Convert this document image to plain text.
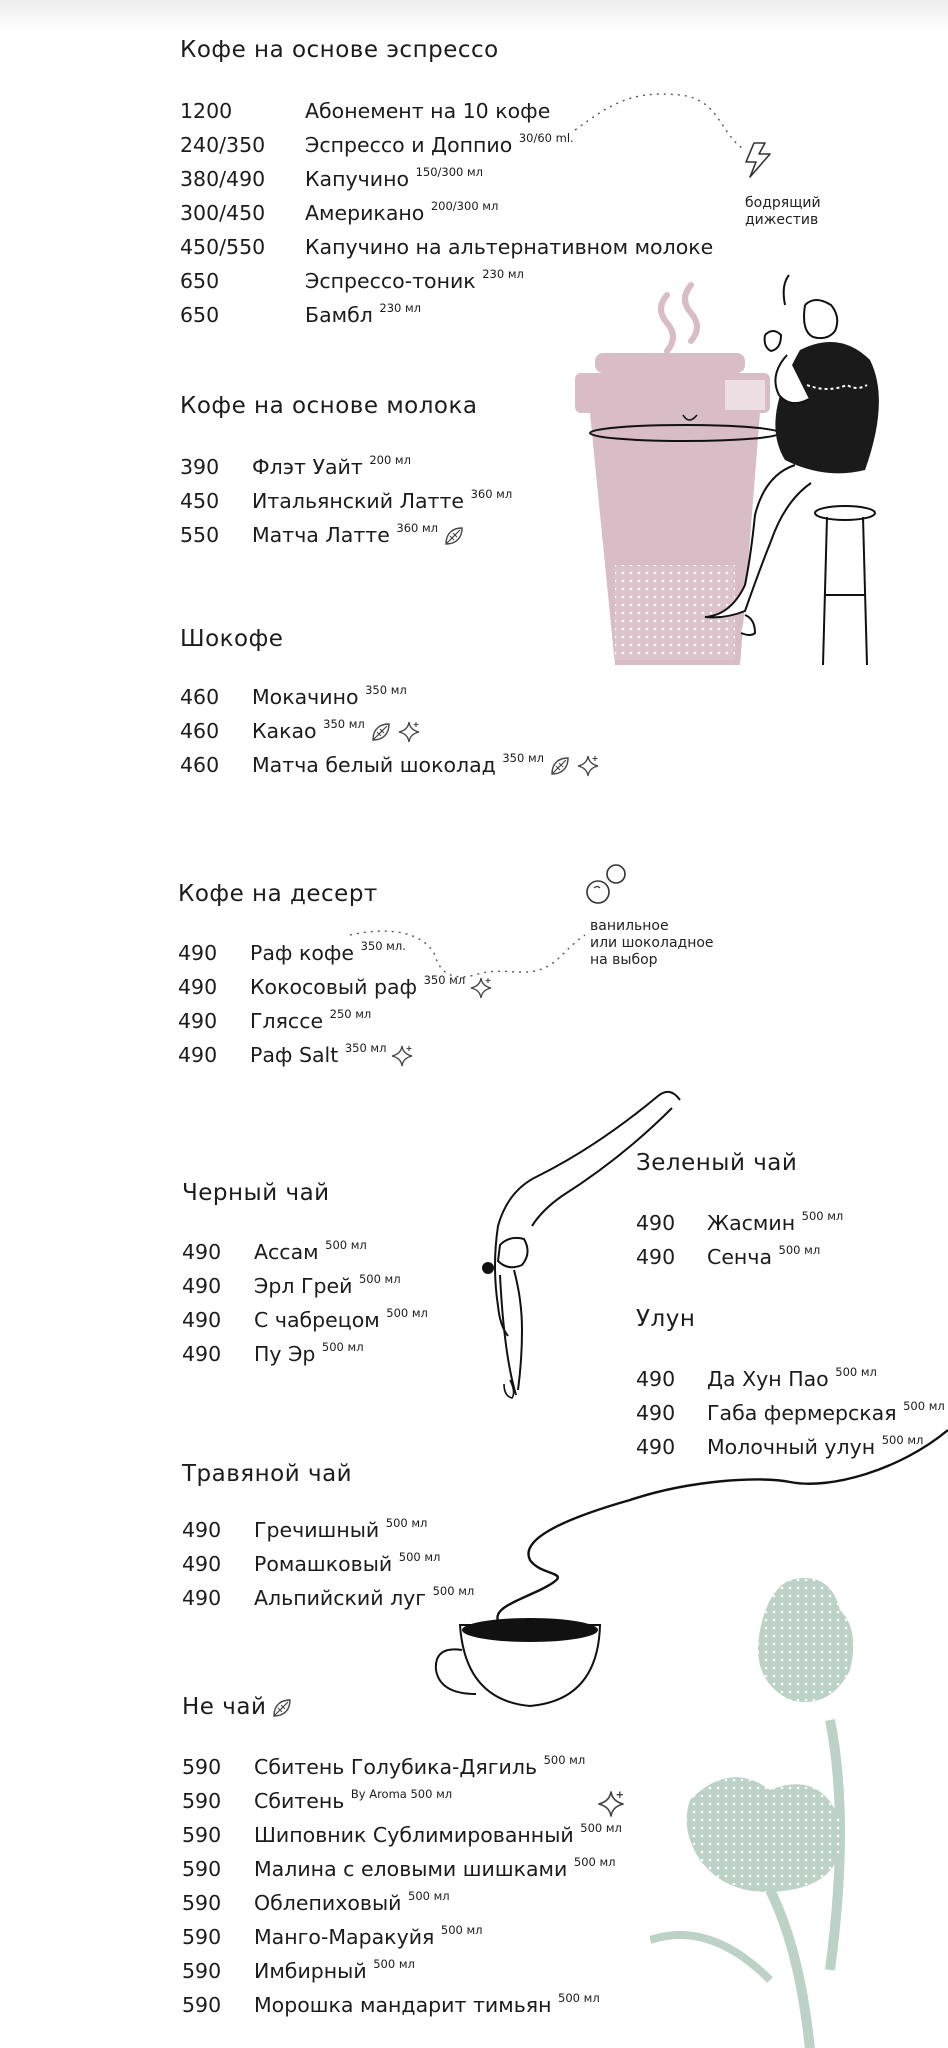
бодрящий
дижестив
ванильное
или шоколадное
на выбор
Кофе на основе эспрессо
1200	Абонемент на 10 кофе
240/350 Эспрессо и Доппио $^{30/60 ml.}$
380/490 Капучино $^{150/300 мл}$
300/450 Американо $^{200/300 мл}$
450/550 Капучино на альтернативном молоке
650	Эспрессо-тоник $^{230 мл}$
650	Бамбл $^{230 мл}$
Кофе на основе молока
390 Флэт Уайт $^{200 мл}$
450 Итальянский Латте $^{360 мл}$
550 Матча Латте $^{360 мл}$
Шокофе
460 Мокачино $^{350 мл}$
460 Какао $^{350 мл}$
460 Матча белый шоколад $^{350 мл}$
Кофе на десерт
490 Раф кофе $^{350 мл.}$
490 Кокосовый раф $^{350 мл}$
490 Гляссе $^{250 мл}$
490 Раф Salt $^{350 мл}$
Черный чай
490 Ассам $^{500 мл}$
490 Эрл Грей $^{500 мл}$
490 С чабрецом $^{500 мл}$
490 Пу Эр $^{500 мл}$
Зеленый чай
490 Жасмин $^{500 мл}$
490 Сенча $^{500 мл}$
Улун
490 Да Хун Пао $^{500 мл}$
490 Габа фермерская $^{500 мл}$
490 Молочный улун $^{500 мл}$
Травяной чай
490 Гречишный $^{500 мл}$
490 Ромашковый $^{500 мл}$
490 Альпийский луг $^{500 мл}$
Не чай
590 Сбитень Голубика-Дягиль $^{500 мл}$
590 Сбитень $^{By Aroma 500 мл}$
590 Шиповник Сублимированный $^{500 мл}$
590 Малина с еловыми шишками $^{500 мл}$
590 Облепиховый $^{500 мл}$
590 Манго-Маракуйя $^{500 мл}$
590 Имбирный $^{500 мл}$
590 Морошка мандарит тимьян $^{500 мл}$
